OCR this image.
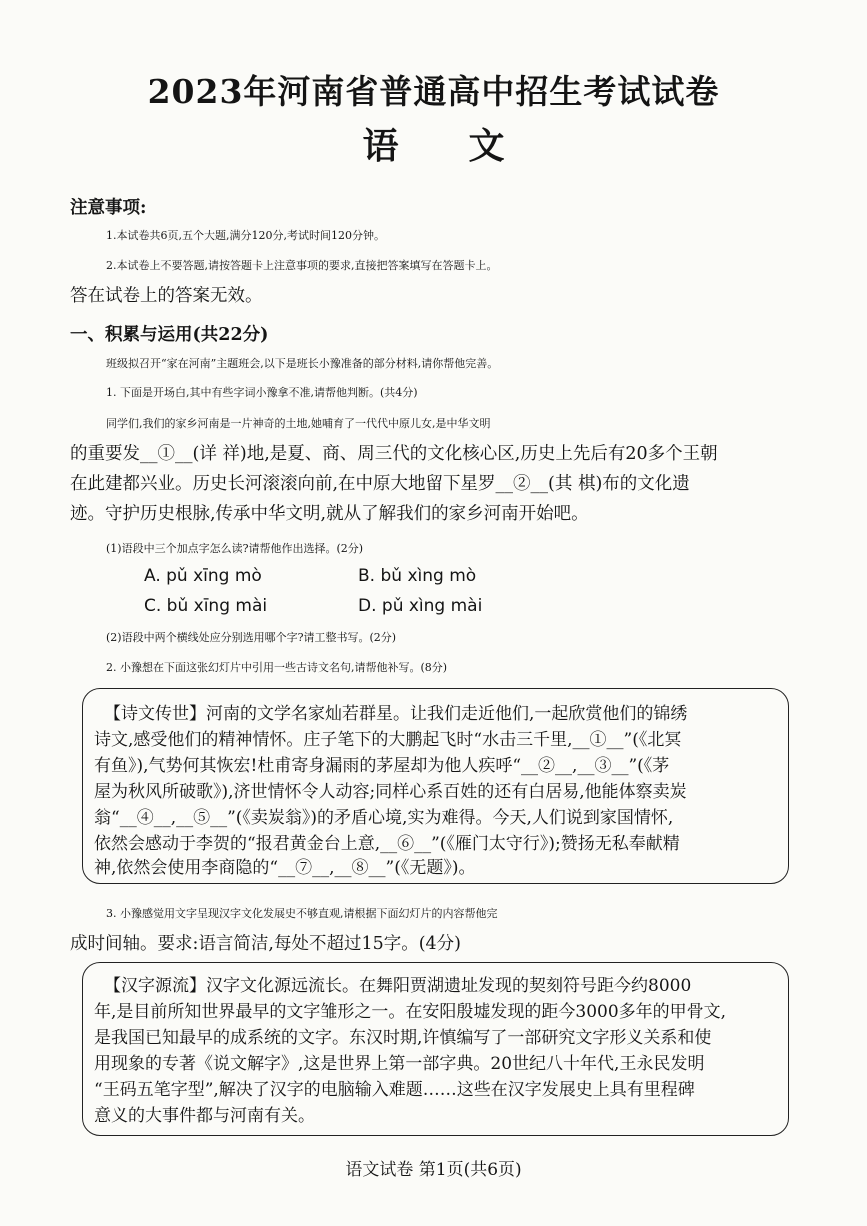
2023年河南省普通高中招生考试试卷
语文
注意事项:
1.本试卷共6页,五个大题,满分120分,考试时间120分钟。
2.本试卷上不要答题,请按答题卡上注意事项的要求,直接把答案填写在答题卡上。
答在试卷上的答案无效。
一、积累与运用(共22分)
班级拟召开“家在河南”主题班会,以下是班长小豫准备的部分材料,请你帮他完善。
1. 下面是开场白,其中有些字词小豫拿不准,请帮他判断。(共4分)
同学们,我们的家乡河南是一片神奇的土地,她哺育了一代代中原儿女,是中华文明
的重要发__①__(详 祥)地,是夏、商、周三代的文化核心区,历史上先后有20多个王朝
在此建都兴业。历史长河滚滚向前,在中原大地留下星罗__②__(其 棋)布的文化遗
迹。守护历史根脉,传承中华文明,就从了解我们的家乡河南开始吧。
(1)语段中三个加点字怎么读?请帮他作出选择。(2分)
A. pǔ xīng mò	B. bǔ xìng mò
C. bǔ xīng mài	D. pǔ xìng mài
(2)语段中两个横线处应分别选用哪个字?请工整书写。(2分)
2. 小豫想在下面这张幻灯片中引用一些古诗文名句,请帮他补写。(8分)
【诗文传世】河南的文学名家灿若群星。让我们走近他们,一起欣赏他们的锦绣
诗文,感受他们的精神情怀。庄子笔下的大鹏起飞时“水击三千里,__①__”(《北冥
有鱼》),气势何其恢宏!杜甫寄身漏雨的茅屋却为他人疾呼“__②__,__③__”(《茅
屋为秋风所破歌》),济世情怀令人动容;同样心系百姓的还有白居易,他能体察卖炭
翁“__④__,__⑤__”(《卖炭翁》)的矛盾心境,实为难得。今天,人们说到家国情怀,
依然会感动于李贺的“报君黄金台上意,__⑥__”(《雁门太守行》);赞扬无私奉献精
神,依然会使用李商隐的“__⑦__,__⑧__”(《无题》)。
3. 小豫感觉用文字呈现汉字文化发展史不够直观,请根据下面幻灯片的内容帮他完
成时间轴。要求:语言简洁,每处不超过15字。(4分)
【汉字源流】汉字文化源远流长。在舞阳贾湖遗址发现的契刻符号距今约8000
年,是目前所知世界最早的文字雏形之一。在安阳殷墟发现的距今3000多年的甲骨文,
是我国已知最早的成系统的文字。东汉时期,许慎编写了一部研究文字形义关系和使
用现象的专著《说文解字》,这是世界上第一部字典。20世纪八十年代,王永民发明
“王码五笔字型”,解决了汉字的电脑输入难题……这些在汉字发展史上具有里程碑
意义的大事件都与河南有关。
语文试卷 第1页(共6页)
